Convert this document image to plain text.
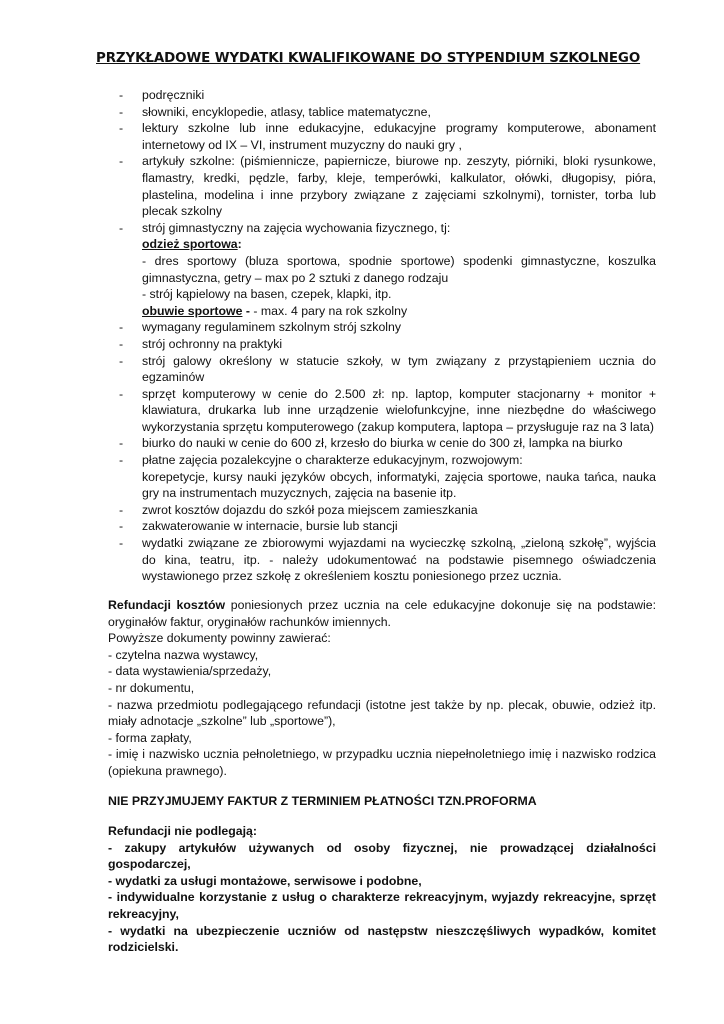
PRZYKŁADOWE WYDATKI KWALIFIKOWANE DO STYPENDIUM SZKOLNEGO
- podręczniki
- słowniki, encyklopedie, atlasy, tablice matematyczne,
- lektury szkolne lub inne edukacyjne, edukacyjne programy komputerowe, abonament internetowy od IX – VI, instrument muzyczny do nauki gry ,
- artykuły szkolne: (piśmiennicze, papiernicze, biurowe np. zeszyty, piórniki, bloki rysunkowe, flamastry, kredki, pędzle, farby, kleje, temperówki, kalkulator, ołówki, długopisy, pióra, plastelina, modelina i inne przybory związane z zajęciami szkolnymi), tornister, torba lub plecak szkolny
- strój gimnastyczny na zajęcia wychowania fizycznego, tj:
odzież sportowa:
- dres sportowy (bluza sportowa, spodnie sportowe) spodenki gimnastyczne, koszulka gimnastyczna, getry – max po 2 sztuki z danego rodzaju
- strój kąpielowy na basen, czepek, klapki, itp.
obuwie sportowe - - max. 4 pary na rok szkolny
- wymagany regulaminem szkolnym strój szkolny
- strój ochronny na praktyki
- strój galowy określony w statucie szkoły, w tym związany z przystąpieniem ucznia do egzaminów
- sprzęt komputerowy w cenie do 2.500 zł: np. laptop, komputer stacjonarny + monitor + klawiatura, drukarka lub inne urządzenie wielofunkcyjne, inne niezbędne do właściwego wykorzystania sprzętu komputerowego (zakup komputera, laptopa – przysługuje raz na 3 lata)
- biurko do nauki w cenie do 600 zł, krzesło do biurka w cenie do 300 zł, lampka na biurko
- płatne zajęcia pozalekcyjne o charakterze edukacyjnym, rozwojowym:
korepetycje, kursy nauki języków obcych, informatyki, zajęcia sportowe, nauka tańca, nauka gry na instrumentach muzycznych, zajęcia na basenie itp.
- zwrot kosztów dojazdu do szkół poza miejscem zamieszkania
- zakwaterowanie w internacie, bursie lub stancji
- wydatki związane ze zbiorowymi wyjazdami na wycieczkę szkolną, „zieloną szkołę”, wyjścia do kina, teatru, itp. - należy udokumentować na podstawie pisemnego oświadczenia wystawionego przez szkołę z określeniem kosztu poniesionego przez ucznia.

Refundacji kosztów poniesionych przez ucznia na cele edukacyjne dokonuje się na podstawie: oryginałów faktur, oryginałów rachunków imiennych.

Powyższe dokumenty powinny zawierać:

- czytelna nazwa wystawcy,

- data wystawienia/sprzedaży,

- nr dokumentu,

- nazwa przedmiotu podlegającego refundacji (istotne jest także by np. plecak, obuwie, odzież itp. miały adnotacje „szkolne” lub „sportowe”),

- forma zapłaty,

- imię i nazwisko ucznia pełnoletniego, w przypadku ucznia niepełnoletniego imię i nazwisko rodzica (opiekuna prawnego).

NIE PRZYJMUJEMY FAKTUR Z TERMINIEM PŁATNOŚCI TZN.PROFORMA

Refundacji nie podlegają:

- zakupy artykułów używanych od osoby fizycznej, nie prowadzącej działalności gospodarczej,

- wydatki za usługi montażowe, serwisowe i podobne,

- indywidualne korzystanie z usług o charakterze rekreacyjnym, wyjazdy rekreacyjne, sprzęt rekreacyjny,

- wydatki na ubezpieczenie uczniów od następstw nieszczęśliwych wypadków, komitet rodzicielski.
